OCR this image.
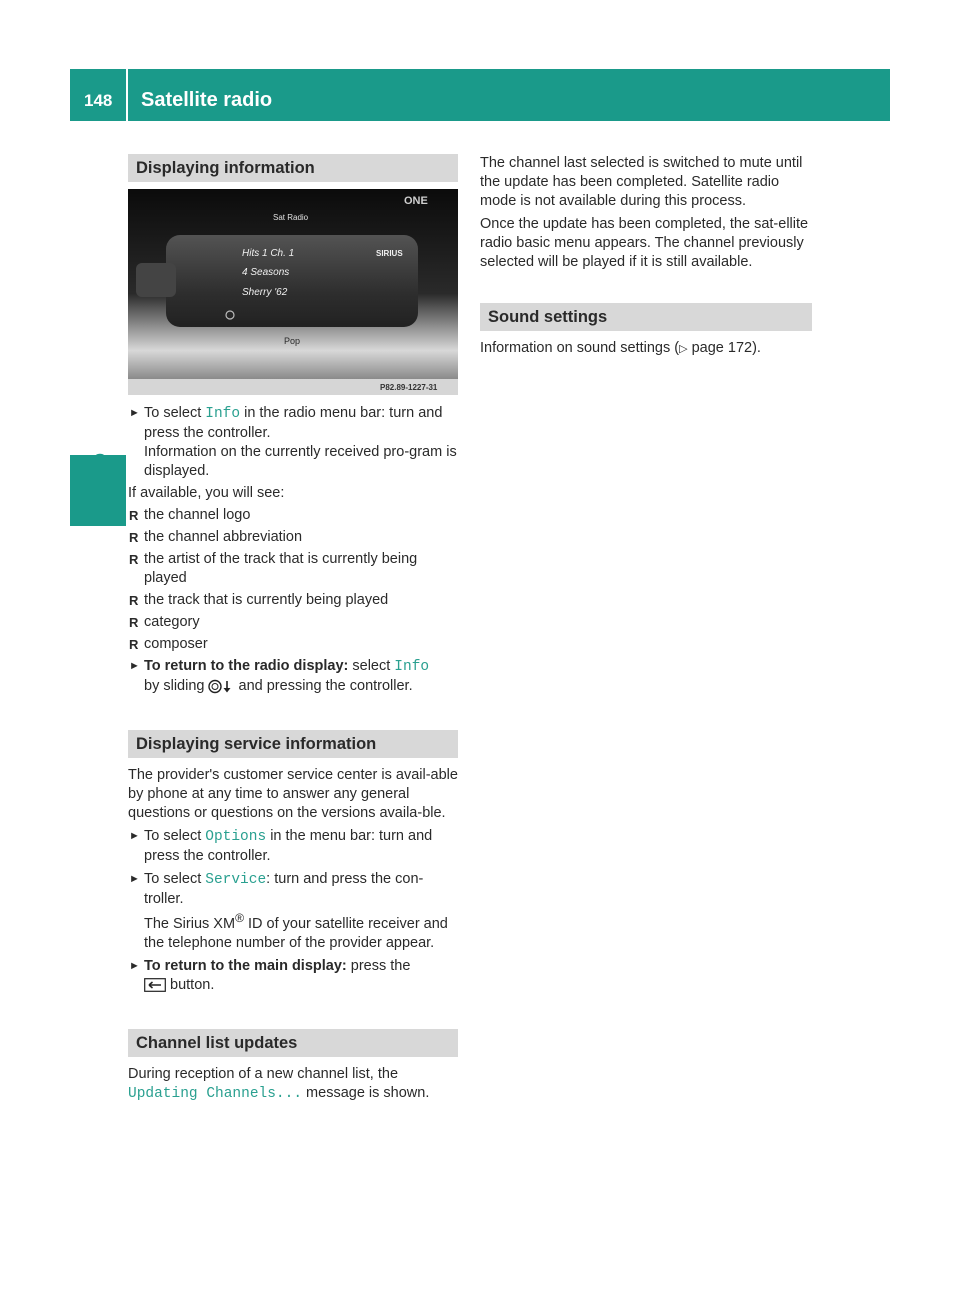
148 Satellite radio
Displaying information
ONE
Sat Radio
Hits 1 Ch. 1
4 Seasons
Sherry '62
SIRIUS
Pop
P82.89-1227-31

► To select Info in the radio menu bar: turn and press the controller.
Information on the currently received pro-gram is displayed.

If available, you will see:

R the channel logo

R the channel abbreviation

R the artist of the track that is currently being played

R the track that is currently being played

R category

R composer

► To return to the radio display: select Info
by sliding  and pressing the controller.

Displaying service information

The provider's customer service center is avail-able by phone at any time to answer any general questions or questions on the versions availa-ble.

► To select Options in the menu bar: turn and press the controller.

► To select Service: turn and press the con-troller.
The Sirius XM® ID of your satellite receiver and the telephone number of the provider appear.

► To return to the main display: press the
button.

Channel list updates

During reception of a new channel list, the Updating Channels... message is shown.

The channel last selected is switched to mute until the update has been completed. Satellite radio mode is not available during this process.

Once the update has been completed, the sat-ellite radio basic menu appears. The channel previously selected will be played if it is still available.

Sound settings

Information on sound settings (▷ page 172).
